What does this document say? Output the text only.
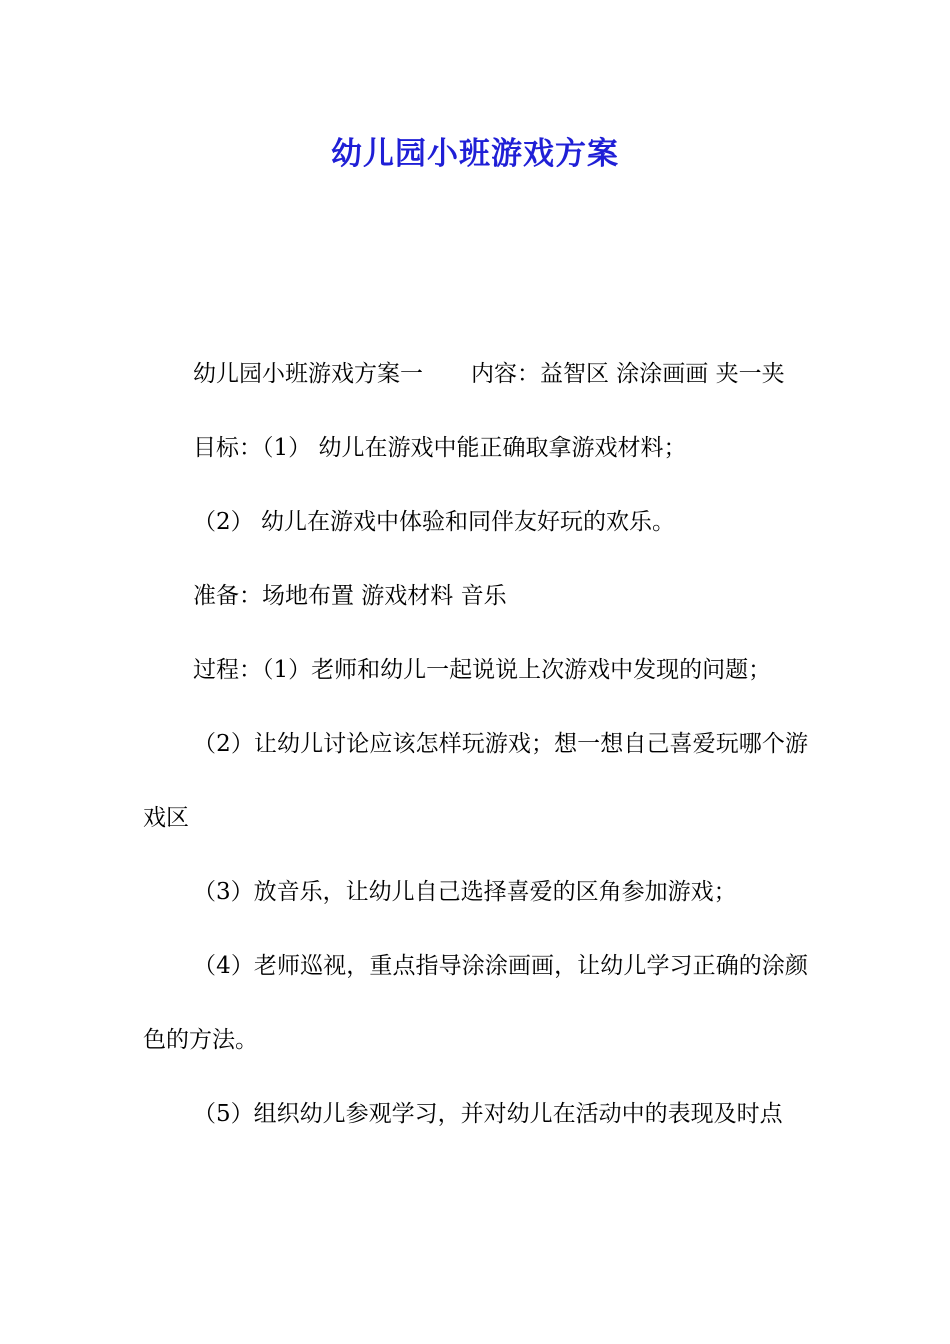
幼儿园小班游戏方案

幼儿园小班游戏方案一 内容：益智区 涂涂画画 夹一夹

目标：（1） 幼儿在游戏中能正确取拿游戏材料；

（2） 幼儿在游戏中体验和同伴友好玩的欢乐。

准备：场地布置 游戏材料 音乐

过程：（1）老师和幼儿一起说说上次游戏中发现的问题；

（2）让幼儿讨论应该怎样玩游戏；想一想自己喜爱玩哪个游戏区

（3）放音乐，让幼儿自己选择喜爱的区角参加游戏；

（4）老师巡视，重点指导涂涂画画，让幼儿学习正确的涂颜色的方法。

（5）组织幼儿参观学习，并对幼儿在活动中的表现及时点
